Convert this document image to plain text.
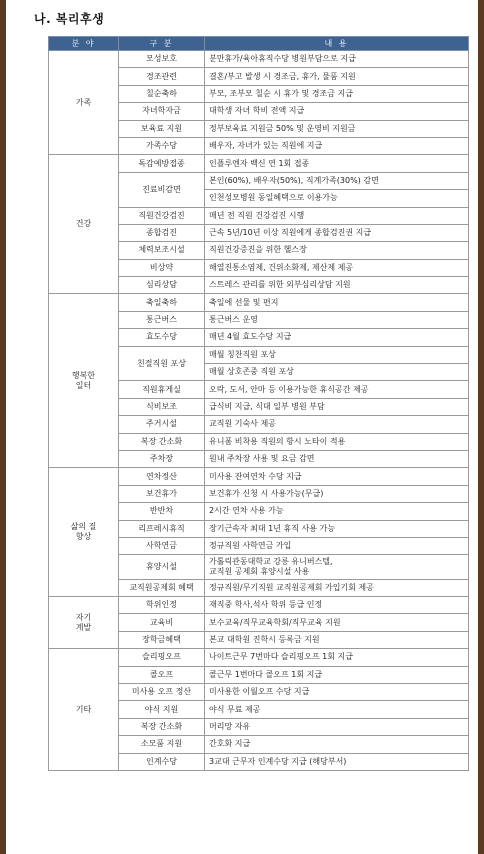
나. 복리후생
분 야	구 분	내 용
가족	모성보호	분만휴가/육아휴직수당 병원부담으로 지급
	경조관련	결혼/부고 발생 시 경조금, 휴가, 물품 지원
	칠순축하	부모, 조부모 칠순 시 휴가 및 경조금 지급
	자녀학자금	대학생 자녀 학비 전액 지급
	보육료 지원	정부보육료 지원금 50% 및 운영비 지원금
	가족수당	배우자, 자녀가 있는 직원에 지급
건강	독감예방접종	인플루엔자 백신 연 1회 접종
	진료비감면	본인(60%), 배우자(50%), 직계가족(30%) 감면
		인천성모병원 동일혜택으로 이용가능
	직원건강검진	매년 전 직원 건강검진 시행
	종합검진	근속 5년/10년 이상 직원에게 종합검진권 지급
	체력보조시설	직원건강증진을 위한 헬스장
	비상약	해열진통소염제, 건위소화제, 제산제 제공
	심리상담	스트레스 관리를 위한 외부심리상담 지원
행복한
일터	축일축하	축일에 선물 및 편지
	통근버스	통근버스 운영
	효도수당	매년 4월 효도수당 지급
	친절직원 포상	매월 칭찬직원 포상
		매월 상호존중 직원 포상
	직원휴게실	오락, 도서, 안마 등 이용가능한 휴식공간 제공
	식비보조	급식비 지급, 식대 일부 병원 부담
	주거시설	교직원 기숙사 제공
	복장 간소화	유니폼 비착용 직원의 항시 노타이 적용
	주차장	원내 주차장 사용 및 요금 감면
삶의 질
향상	연차정산	미사용 잔여연차 수당 지급
	보건휴가	보건휴가 신청 시 사용가능(무급)
	반반차	2시간 연차 사용 가능
	리프레시휴직	장기근속자 최대 1년 휴직 사용 가능
	사학연금	정규직원 사학연금 가입
	휴양시설	가톨릭관동대학교 강릉 유니버스텔,
교직원 공제회 휴양시설 사용
	교직원공제회 혜택	정규직원/무기직원 교직원공제회 가입기회 제공
자기
계발	학위인정	재직중 학사,석사 학위 등급 인정
	교육비	보수교육/직무교육학회/직무교육 지원
	장학금혜택	본교 대학원 진학시 등록금 지원
기타	슬리핑오프	나이트근무 7번마다 슬리핑오프 1회 지급
	콜오프	콜근무 1번마다 콜오프 1회 지급
	미사용 오프 정산	미사용한 이월오프 수당 지급
	야식 지원	야식 무료 제공
	복장 간소화	머리망 자유
	소모품 지원	간호화 지급
	인계수당	3교대 근무자 인계수당 지급 (해당부서)
